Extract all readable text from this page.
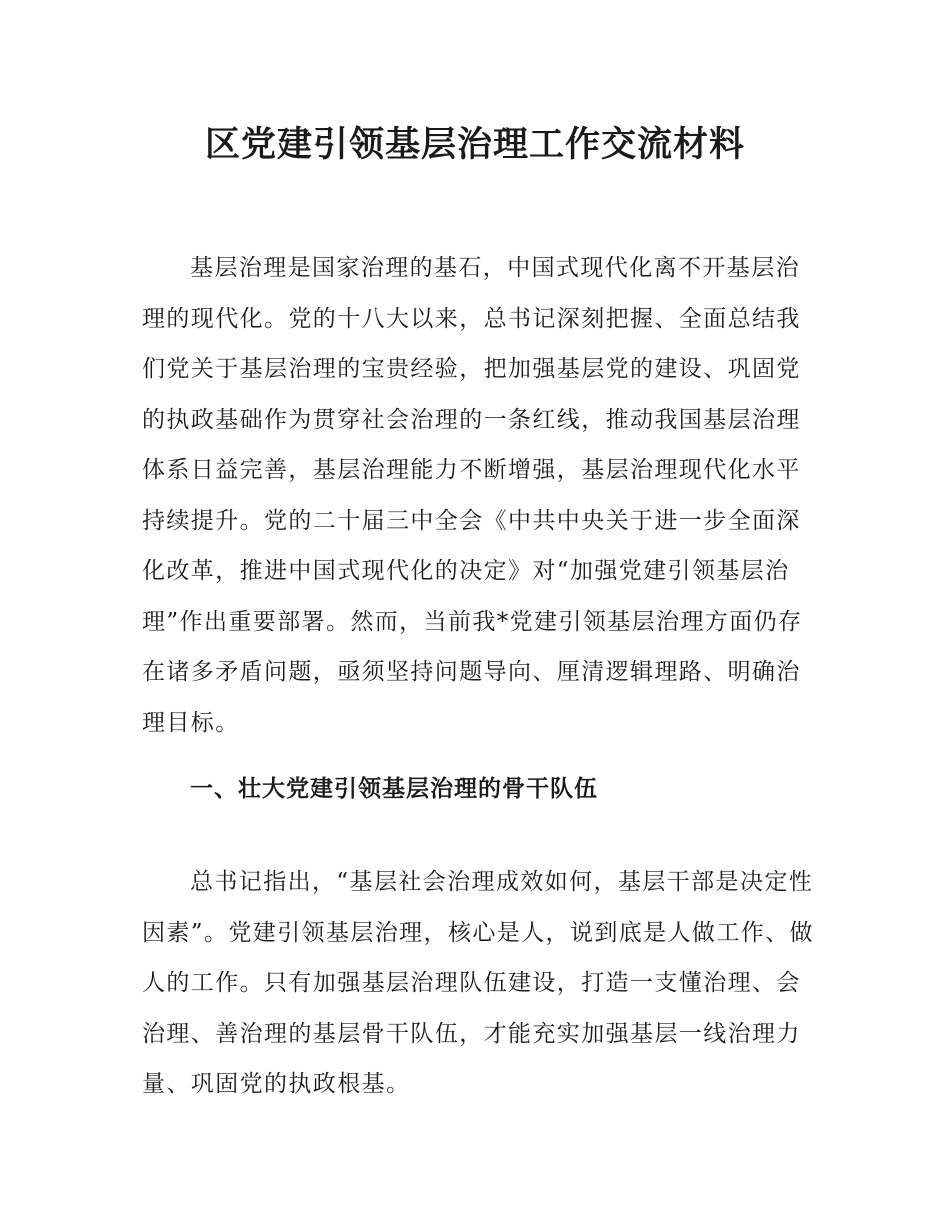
区党建引领基层治理工作交流材料

基层治理是国家治理的基石，中国式现代化离不开基层治理的现代化。党的十八大以来，总书记深刻把握、全面总结我们党关于基层治理的宝贵经验，把加强基层党的建设、巩固党的执政基础作为贯穿社会治理的一条红线，推动我国基层治理体系日益完善，基层治理能力不断增强，基层治理现代化水平持续提升。党的二十届三中全会《中共中央关于进一步全面深化改革，推进中国式现代化的决定》对“加强党建引领基层治理”作出重要部署。然而，当前我*党建引领基层治理方面仍存在诸多矛盾问题，亟须坚持问题导向、厘清逻辑理路、明确治理目标。

一、壮大党建引领基层治理的骨干队伍

总书记指出，“基层社会治理成效如何，基层干部是决定性因素”。党建引领基层治理，核心是人，说到底是人做工作、做人的工作。只有加强基层治理队伍建设，打造一支懂治理、会治理、善治理的基层骨干队伍，才能充实加强基层一线治理力量、巩固党的执政根基。
